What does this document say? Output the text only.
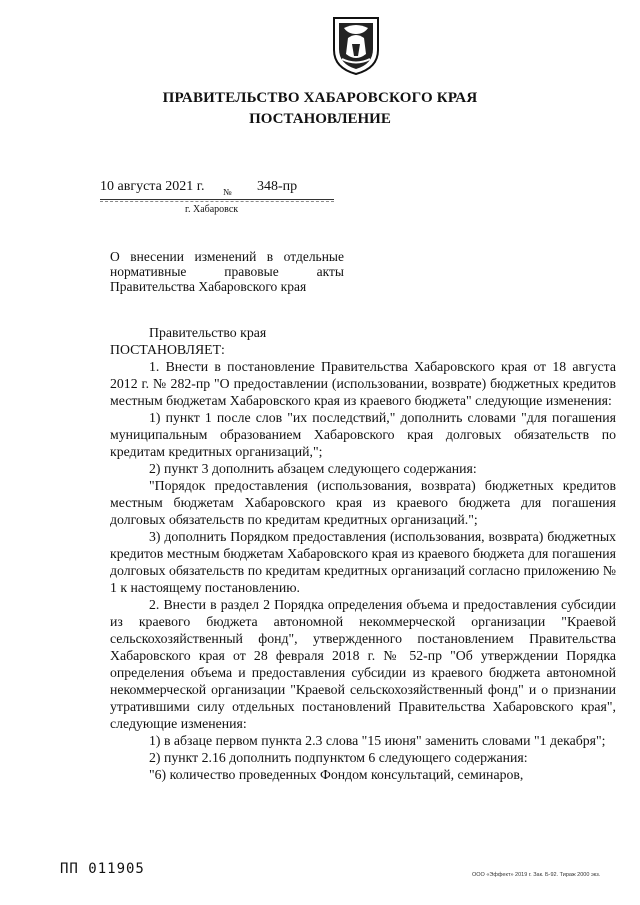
ПРАВИТЕЛЬСТВО ХАБАРОВСКОГО КРАЯ
ПОСТАНОВЛЕНИЕ
10 августа 2021 г. № 348-пр
г. Хабаровск
О внесении изменений в отдельные
нормативные правовые акты
Правительства Хабаровского края

Правительство края

ПОСТАНОВЛЯЕТ:

1. Внести в постановление Правительства Хабаровского края от 18 августа 2012 г. № 282-пр "О предоставлении (использовании, возврате) бюджетных кредитов местным бюджетам Хабаровского края из краевого бюджета" следующие изменения:

1) пункт 1 после слов "их последствий," дополнить словами "для погашения муниципальным образованием Хабаровского края долговых обязательств по кредитам кредитных организаций,";

2) пункт 3 дополнить абзацем следующего содержания:

"Порядок предоставления (использования, возврата) бюджетных кредитов местным бюджетам Хабаровского края из краевого бюджета для погашения долговых обязательств по кредитам кредитных организаций.";

3) дополнить Порядком предоставления (использования, возврата) бюджетных кредитов местным бюджетам Хабаровского края из краевого бюджета для погашения долговых обязательств по кредитам кредитных организаций согласно приложению № 1 к настоящему постановлению.

2. Внести в раздел 2 Порядка определения объема и предоставления субсидии из краевого бюджета автономной некоммерческой организации "Краевой сельскохозяйственный фонд", утвержденного постановлением Правительства Хабаровского края от 28 февраля 2018 г. № 52-пр "Об утверждении Порядка определения объема и предоставления субсидии из краевого бюджета автономной некоммерческой организации "Краевой сельскохозяйственный фонд" и о признании утратившими силу отдельных постановлений Правительства Хабаровского края", следующие изменения:

1) в абзаце первом пункта 2.3 слова "15 июня" заменить словами "1 декабря";

2) пункт 2.16 дополнить подпунктом 6 следующего содержания:

"6) количество проведенных Фондом консультаций, семинаров,

ПП 011905	ООО «Эффект» 2019 г. Зак. Б-92. Тираж 2000 экз.
